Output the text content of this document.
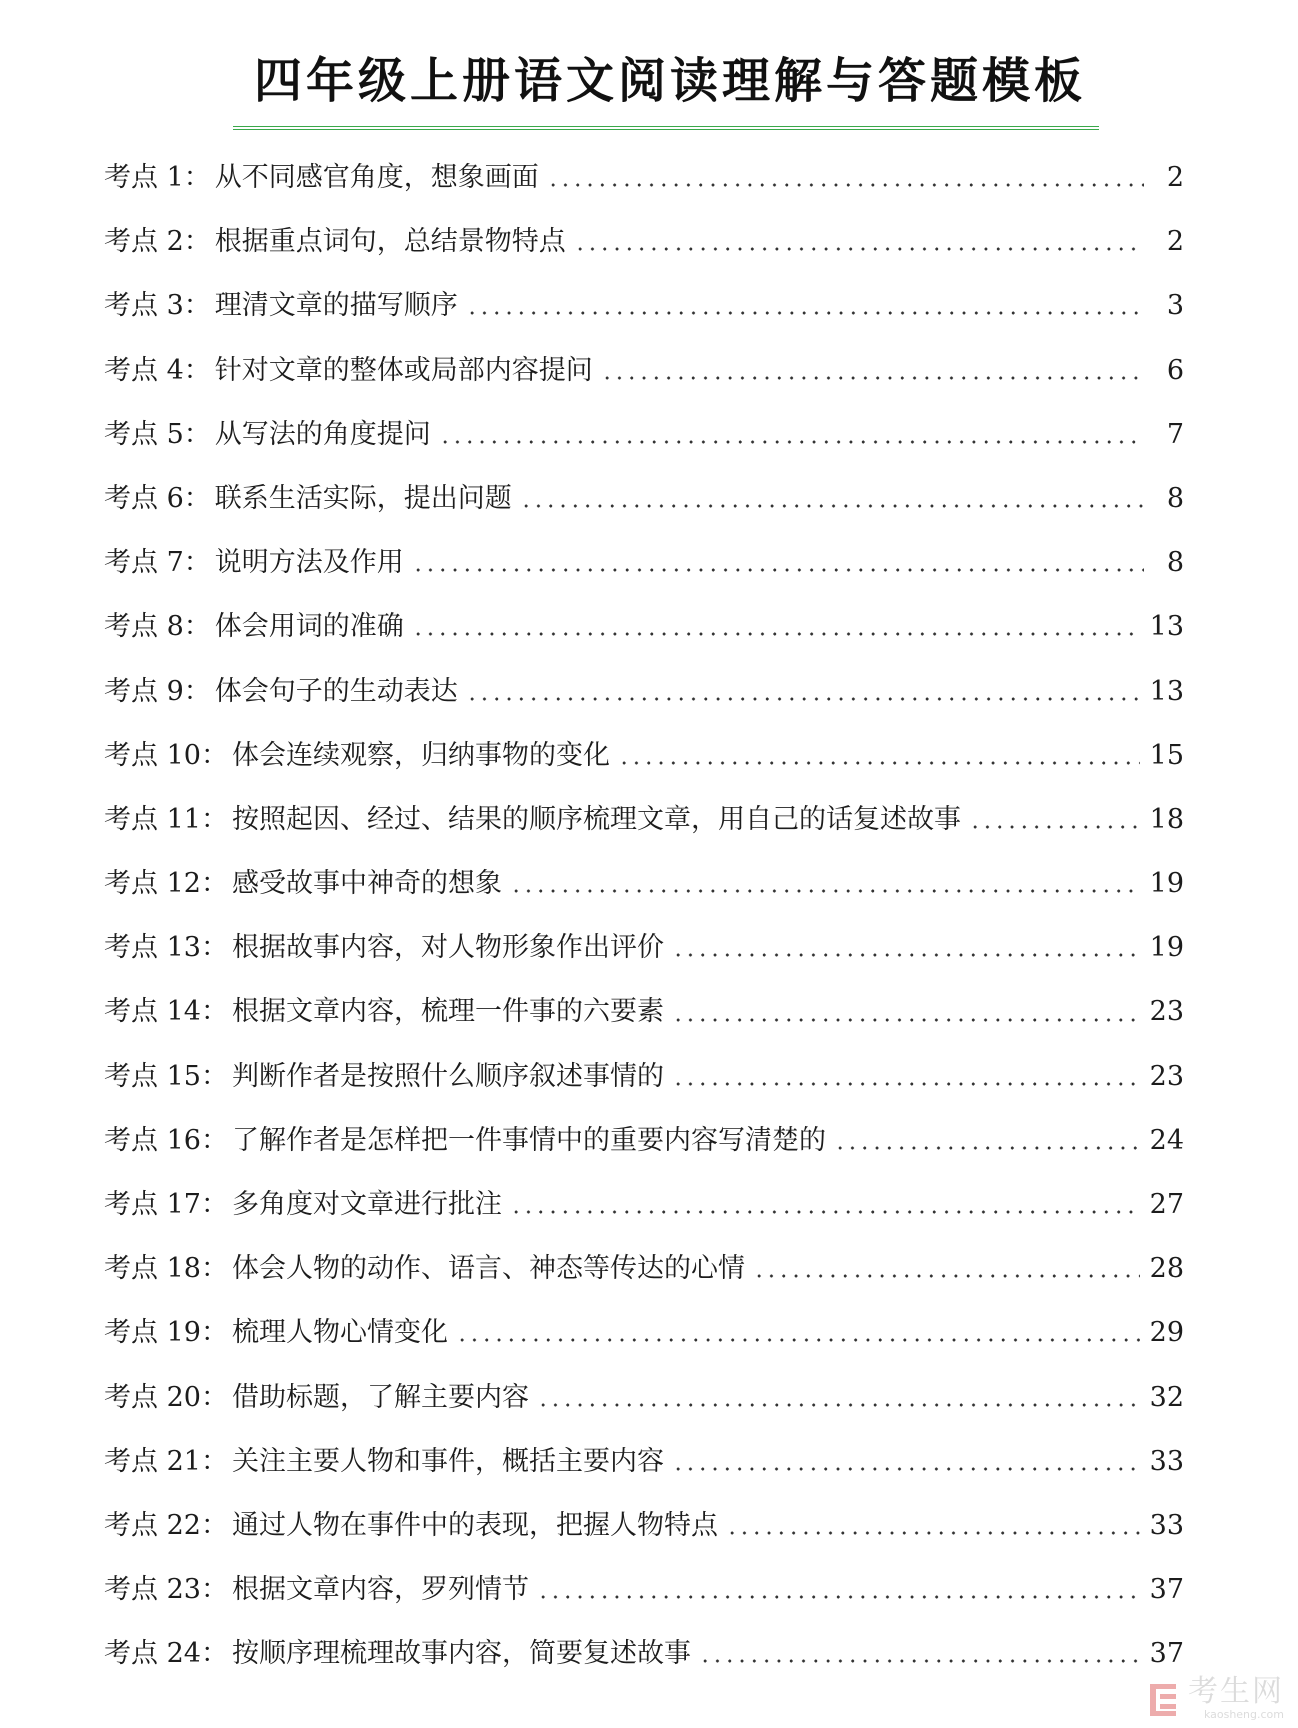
四年级上册语文阅读理解与答题模板
考点 1 ： 从不同感官角度，想象画面	2
考点 2 ： 根据重点词句，总结景物特点	2
考点 3 ： 理清文章的描写顺序	3
考点 4 ： 针对文章的整体或局部内容提问	6
考点 5 ： 从写法的角度提问	7
考点 6 ： 联系生活实际，提出问题	8
考点 7 ： 说明方法及作用	8
考点 8 ： 体会用词的准确	13
考点 9 ： 体会句子的生动表达	13
考点 10 ： 体会连续观察，归纳事物的变化	15
考点 11 ： 按照起因、经过、结果的顺序梳理文章，用自己的话复述故事	18
考点 12 ： 感受故事中神奇的想象	19
考点 13 ： 根据故事内容，对人物形象作出评价	19
考点 14 ： 根据文章内容，梳理一件事的六要素	23
考点 15 ： 判断作者是按照什么顺序叙述事情的	23
考点 16 ： 了解作者是怎样把一件事情中的重要内容写清楚的	24
考点 17 ： 多角度对文章进行批注	27
考点 18 ： 体会人物的动作、语言、神态等传达的心情	28
考点 19 ： 梳理人物心情变化	29
考点 20 ： 借助标题，了解主要内容	32
考点 21 ： 关注主要人物和事件，概括主要内容	33
考点 22 ： 通过人物在事件中的表现，把握人物特点	33
考点 23 ： 根据文章内容，罗列情节	37
考点 24 ： 按顺序理梳理故事内容，简要复述故事	37
考生网
kaosheng.com
